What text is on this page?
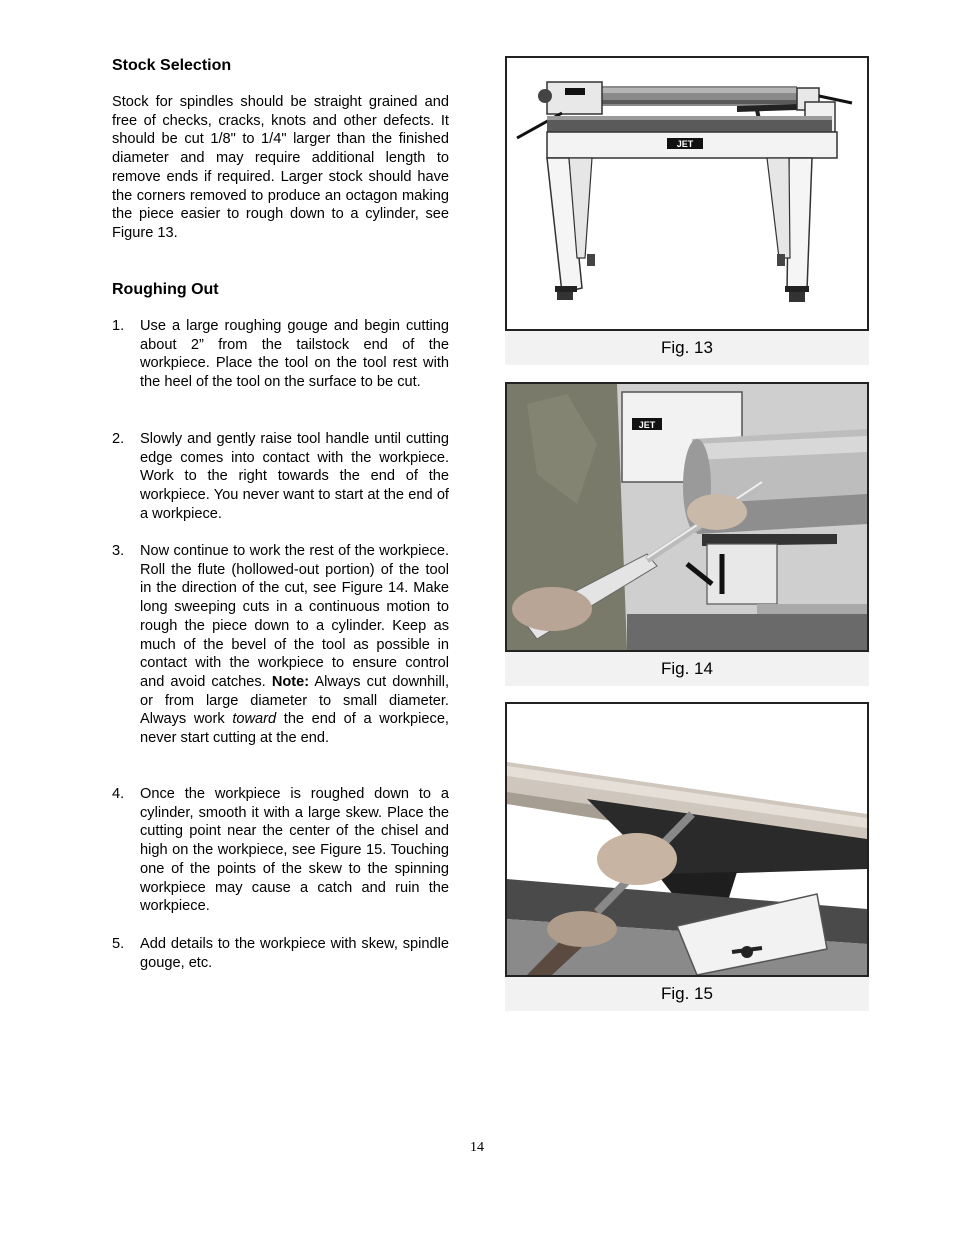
Stock Selection
Stock for spindles should be straight grained and free of checks, cracks, knots and other defects. It should be cut 1/8" to 1/4" larger than the finished diameter and may require additional length to remove ends if required. Larger stock should have the corners removed to produce an octagon making the piece easier to rough down to a cylinder, see Figure 13.
Roughing Out
1.	Use a large roughing gouge and begin cutting about 2” from the tailstock end of the workpiece. Place the tool on the tool rest with the heel of the tool on the surface to be cut.
2.	Slowly and gently raise tool handle until cutting edge comes into contact with the workpiece. Work to the right towards the end of the workpiece. You never want to start at the end of a workpiece.
3.	Now continue to work the rest of the workpiece. Roll the flute (hollowed-out portion) of the tool in the direction of the cut, see Figure 14. Make long sweeping cuts in a continuous motion to rough the piece down to a cylinder. Keep as much of the bevel of the tool as possible in contact with the workpiece to ensure control and avoid catches. Note: Always cut downhill, or from large diameter to small diameter. Always work toward the end of a workpiece, never start cutting at the end.
4.	Once the workpiece is roughed down to a cylinder, smooth it with a large skew. Place the cutting point near the center of the chisel and high on the workpiece, see Figure 15. Touching one of the points of the skew to the spinning workpiece may cause a catch and ruin the workpiece.
5.	Add details to the workpiece with skew, spindle gouge, etc.
JET
Fig. 13
JET
Fig. 14
Fig. 15
14
